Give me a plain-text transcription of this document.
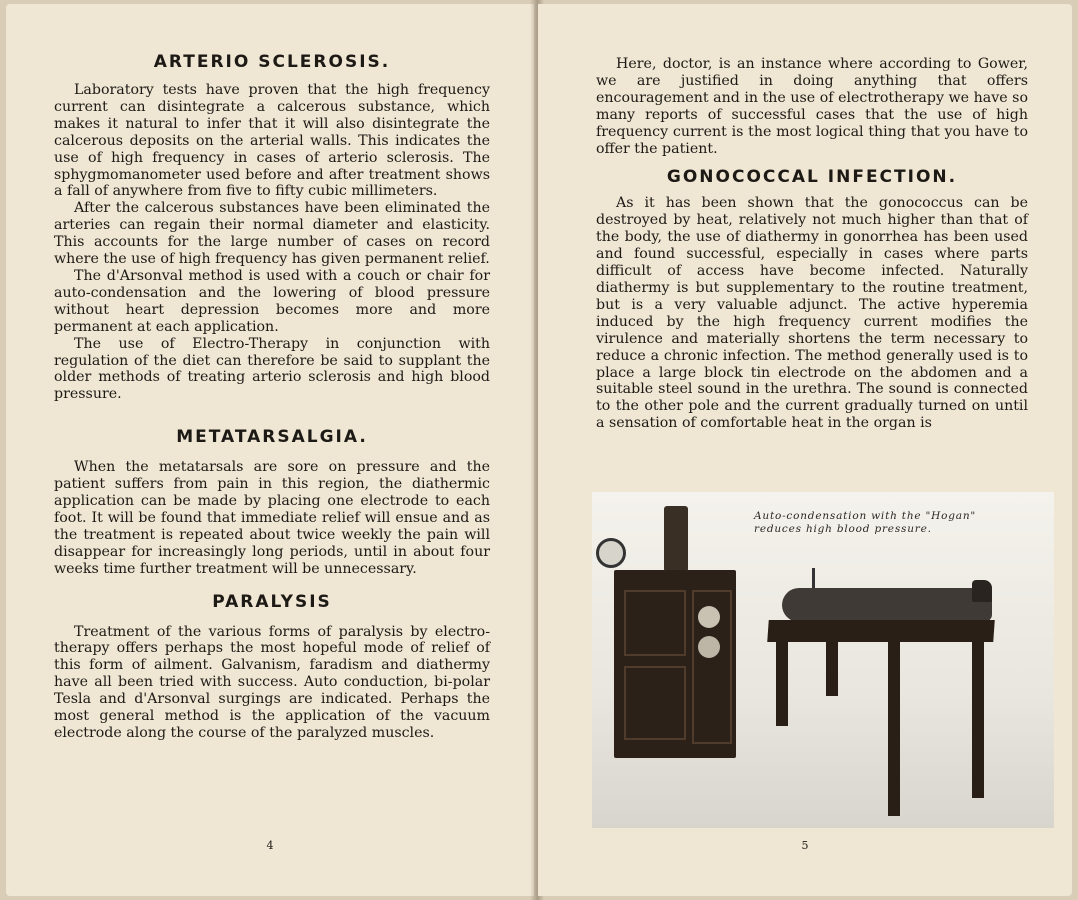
ARTERIO SCLEROSIS.

Laboratory tests have proven that the high frequency current can disintegrate a calcerous substance, which makes it natural to infer that it will also disintegrate the calcerous deposits on the arterial walls. This indicates the use of high frequency in cases of arterio sclerosis. The sphygmomanometer used before and after treatment shows a fall of anywhere from five to fifty cubic millimeters.

After the calcerous substances have been eliminated the arteries can regain their normal diameter and elasticity. This accounts for the large number of cases on record where the use of high frequency has given permanent relief.

The d'Arsonval method is used with a couch or chair for auto-condensation and the lowering of blood pressure without heart depression becomes more and more permanent at each application.

The use of Electro-Therapy in conjunction with regulation of the diet can therefore be said to supplant the older methods of treating arterio sclerosis and high blood pressure.

METATARSALGIA.

When the metatarsals are sore on pressure and the patient suffers from pain in this region, the diathermic application can be made by placing one electrode to each foot. It will be found that immediate relief will ensue and as the treatment is repeated about twice weekly the pain will disappear for increasingly long periods, until in about four weeks time further treatment will be unnecessary.

PARALYSIS

Treatment of the various forms of paralysis by electro-therapy offers perhaps the most hopeful mode of relief of this form of ailment. Galvanism, faradism and diathermy have all been tried with success. Auto conduction, bi-polar Tesla and d'Arsonval surgings are indicated. Perhaps the most general method is the application of the vacuum electrode along the course of the paralyzed muscles.

4

Here, doctor, is an instance where according to Gower, we are justified in doing anything that offers encouragement and in the use of electrotherapy we have so many reports of successful cases that the use of high frequency current is the most logical thing that you have to offer the patient.

GONOCOCCAL INFECTION.

As it has been shown that the gonococcus can be destroyed by heat, relatively not much higher than that of the body, the use of diathermy in gonorrhea has been used and found successful, especially in cases where parts difficult of access have become infected. Naturally diathermy is but supplementary to the routine treatment, but is a very valuable adjunct. The active hyperemia induced by the high frequency current modifies the virulence and materially shortens the term necessary to reduce a chronic infection. The method generally used is to place a large block tin electrode on the abdomen and a suitable steel sound in the urethra. The sound is connected to the other pole and the current gradually turned on until a sensation of comfortable heat in the organ is

Auto-condensation with the "Hogan"
reduces high blood pressure.
5
